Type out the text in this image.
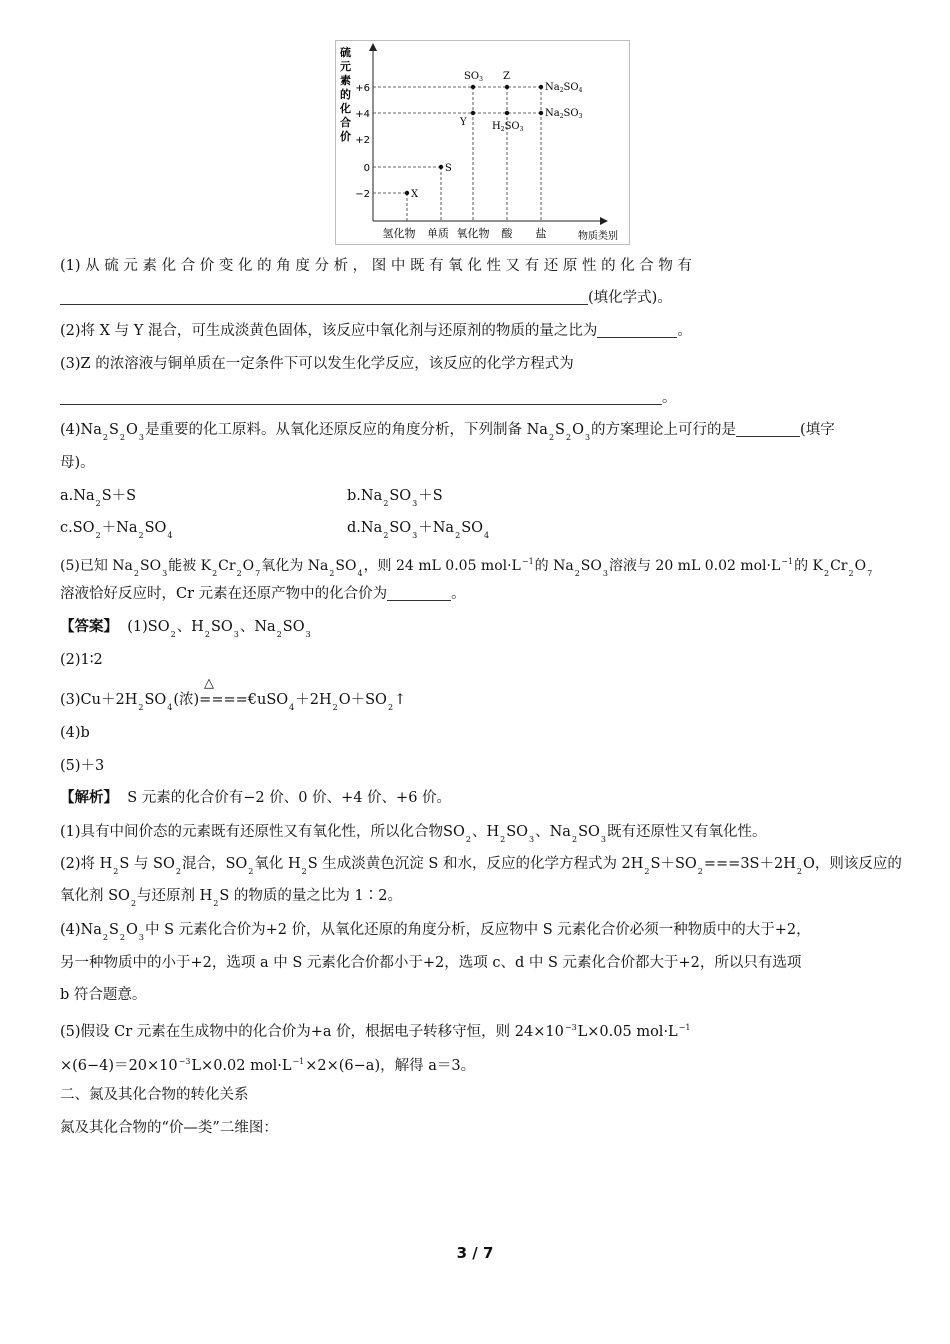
硫
元
素
的
化
合
价
+6
+4
+2
0
−2
$SO_3$ Z
$Na_2SO_4$
Y	$H_2SO_3$
$Na_2SO_3$
S
X
氢化物 单质 氧化物 酸 盐	物质类别
(1) 从 硫 元 素 化 合 价 变 化 的 角 度 分 析 ， 图 中 既 有 氧 化 性 又 有 还 原 性 的 化 合 物 有
(填化学式)。
(2)将 X 与 Y 混合，可生成淡黄色固体，该反应中氧化剂与还原剂的物质的量之比为	。
(3)Z 的浓溶液与铜单质在一定条件下可以发生化学反应，该反应的化学方程式为
。
$(4)Na_2S_2O_3$是重要的化工原料。从氧化还原反应的角度分析，下列制备 $Na_2S_2O_3$的方案理论上可行的是	(填字
母)。
$a.Na_2S+S$	$b.Na_2SO_3+S$
$c.SO_2+Na_2SO_4$	$d.Na_2SO_3+Na_2SO_4$
(5)已知 $Na_2SO_3$能被 $K_2Cr_2O_7$氧化为 $Na_2SO_4$，则 24 mL 0.05 $mol\cdot L^{-1}$的 $Na_2SO_3$溶液与 20 mL 0.02 $mol\cdot L^{-1}$的 $K_2Cr_2O_7$
溶液恰好反应时，Cr 元素在还原产物中的化合价为	。
【答案】 $(1)SO_2$、$H_2SO_3$、$Na_2SO_3$
(2)1∶2
△
$(3)Cu+2H_2SO_4$(浓)$====€uSO_4+2H_2O+SO_2↑$
(4)b
(5)＋3
【解析】 S 元素的化合价有−2 价、0 价、+4 价、+6 价。
(1)具有中间价态的元素既有还原性又有氧化性，所以化合物$SO_2$、$H_2SO_3$、$Na_2SO_3$既有还原性又有氧化性。
(2)将 $H_2S$ 与 $SO_2$混合，$SO_2$氧化 $H_2S$ 生成淡黄色沉淀 S 和水，反应的化学方程式为 $2H_2S+SO_2===3S+2H_2O$，则该反应的
氧化剂 $SO_2$与还原剂 $H_2S$ 的物质的量之比为 1∶2。
$(4)Na_2S_2O_3$中 S 元素化合价为+2 价，从氧化还原的角度分析，反应物中 S 元素化合价必须一种物质中的大于+2，
另一种物质中的小于+2，选项 a 中 S 元素化合价都小于+2，选项 c、d 中 S 元素化合价都大于+2，所以只有选项
b 符合题意。
(5)假设 Cr 元素在生成物中的化合价为+a 价，根据电子转移守恒，则 $24\times 10^{-3}L\times 0.05$ $mol\cdot L^{-1}$
$\times(6-4)=20\times 10^{-3}L\times 0.02$ $mol\cdot L^{-1}\times 2\times(6-a)$，解得 a＝3。
二、氮及其化合物的转化关系
氮及其化合物的“价—类”二维图：
3 / 7
